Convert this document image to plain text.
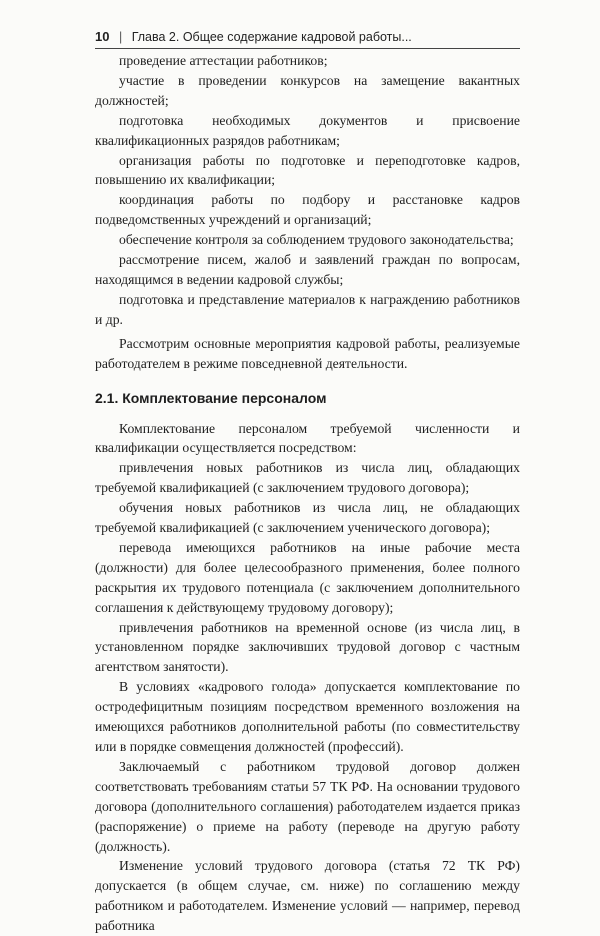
10 | Глава 2. Общее содержание кадровой работы...

проведение аттестации работников;

участие в проведении конкурсов на замещение вакантных должностей;

подготовка необходимых документов и присвоение квалификационных разрядов работникам;

организация работы по подготовке и переподготовке кадров, повышению их квалификации;

координация работы по подбору и расстановке кадров подведомственных учреждений и организаций;

обеспечение контроля за соблюдением трудового законодательства;

рассмотрение писем, жалоб и заявлений граждан по вопросам, находящимся в ведении кадровой службы;

подготовка и представление материалов к награждению работников и др.

Рассмотрим основные мероприятия кадровой работы, реализуемые работодателем в режиме повседневной деятельности.

2.1. Комплектование персоналом

Комплектование персоналом требуемой численности и квалификации осуществляется посредством:

привлечения новых работников из числа лиц, обладающих требуемой квалификацией (с заключением трудового договора);

обучения новых работников из числа лиц, не обладающих требуемой квалификацией (с заключением ученического договора);

перевода имеющихся работников на иные рабочие места (должности) для более целесообразного применения, более полного раскрытия их трудового потенциала (с заключением дополнительного соглашения к действующему трудовому договору);

привлечения работников на временной основе (из числа лиц, в установленном порядке заключивших трудовой договор с частным агентством занятости).

В условиях «кадрового голода» допускается комплектование по остродефицитным позициям посредством временного возложения на имеющихся работников дополнительной работы (по совместительству или в порядке совмещения должностей (профессий).

Заключаемый с работником трудовой договор должен соответствовать требованиям статьи 57 ТК РФ. На основании трудового договора (дополнительного соглашения) работодателем издается приказ (распоряжение) о приеме на работу (переводе на другую работу (должность).

Изменение условий трудового договора (статья 72 ТК РФ) допускается (в общем случае, см. ниже) по соглашению между работником и работодателем. Изменение условий — например, перевод работника
